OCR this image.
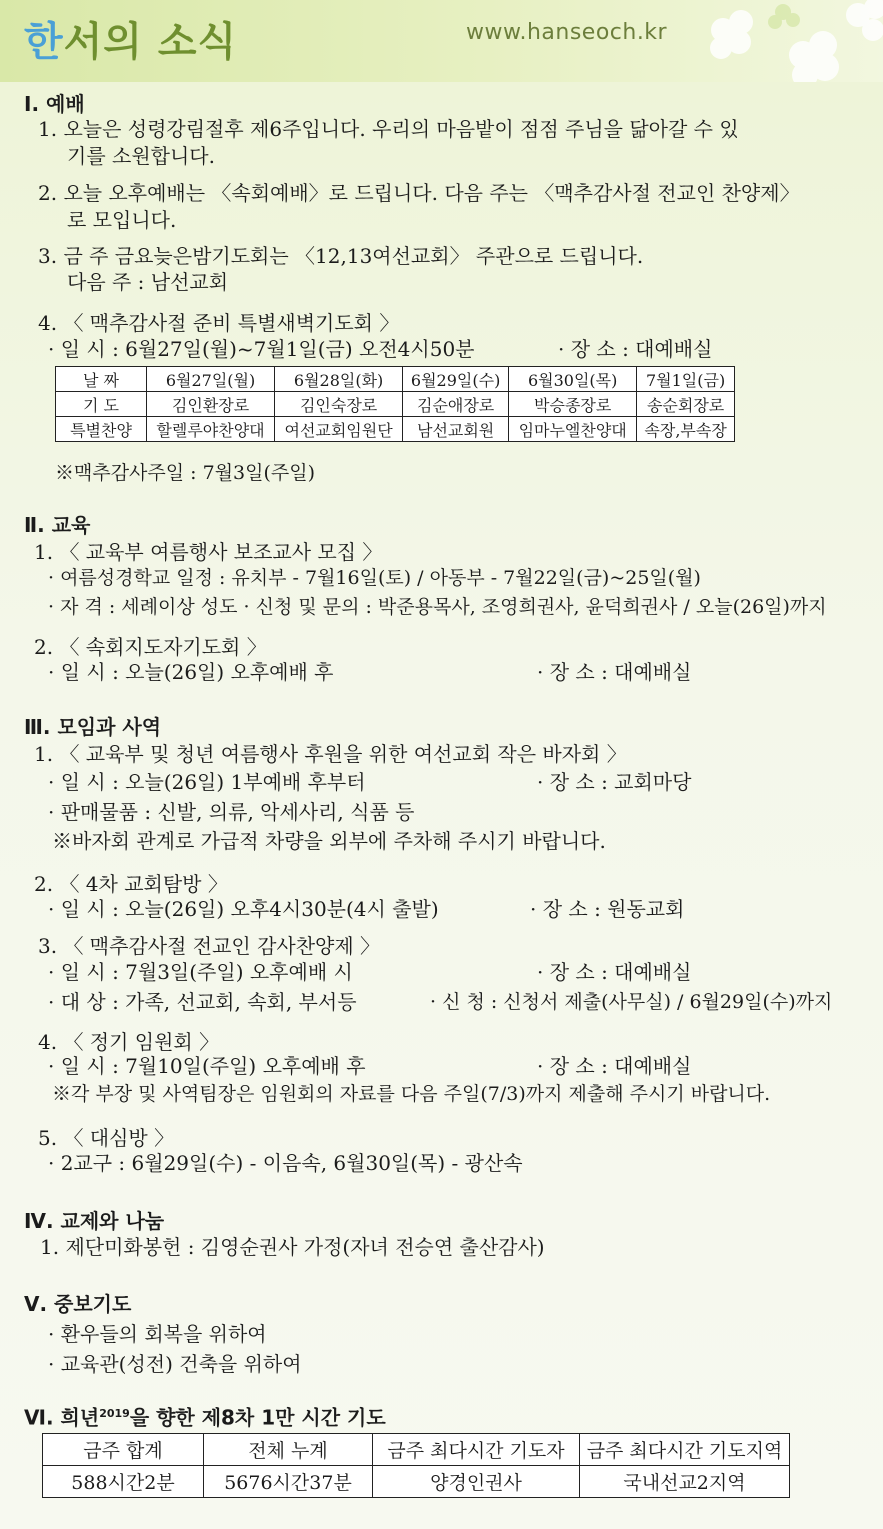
한서의 소식	www.hanseoch.kr
Ⅰ. 예배
1. 오늘은 성령강림절후 제6주입니다. 우리의 마음밭이 점점 주님을 닮아갈 수 있
기를 소원합니다.
2. 오늘 오후예배는 〈속회예배〉로 드립니다. 다음 주는 〈맥추감사절 전교인 찬양제〉
로 모입니다.
3. 금 주 금요늦은밤기도회는 〈12,13여선교회〉 주관으로 드립니다.
다음 주 : 남선교회
4. 〈 맥추감사절 준비 특별새벽기도회 〉
· 일 시 : 6월27일(월)~7월1일(금) 오전4시50분	· 장 소 : 대예배실
날 짜	6월27일(월)	6월28일(화)	6월29일(수)	6월30일(목)	7월1일(금)
기 도	김인환장로	김인숙장로	김순애장로	박승종장로	송순회장로
특별찬양	할렐루야찬양대	여선교회임원단	남선교회원	임마누엘찬양대	속장,부속장
※맥추감사주일 : 7월3일(주일)
Ⅱ. 교육
1. 〈 교육부 여름행사 보조교사 모집 〉
· 여름성경학교 일정 : 유치부 - 7월16일(토) / 아동부 - 7월22일(금)~25일(월)
· 자 격 : 세례이상 성도 · 신청 및 문의 : 박준용목사, 조영희권사, 윤덕희권사 / 오늘(26일)까지
2. 〈 속회지도자기도회 〉
· 일 시 : 오늘(26일) 오후예배 후	· 장 소 : 대예배실
Ⅲ. 모임과 사역
1. 〈 교육부 및 청년 여름행사 후원을 위한 여선교회 작은 바자회 〉
· 일 시 : 오늘(26일) 1부예배 후부터	· 장 소 : 교회마당
· 판매물품 : 신발, 의류, 악세사리, 식품 등
※바자회 관계로 가급적 차량을 외부에 주차해 주시기 바랍니다.
2. 〈 4차 교회탐방 〉
· 일 시 : 오늘(26일) 오후4시30분(4시 출발)	· 장 소 : 원동교회
3. 〈 맥추감사절 전교인 감사찬양제 〉
· 일 시 : 7월3일(주일) 오후예배 시	· 장 소 : 대예배실
· 대 상 : 가족, 선교회, 속회, 부서등	· 신 청 : 신청서 제출(사무실) / 6월29일(수)까지
4. 〈 정기 임원회 〉
· 일 시 : 7월10일(주일) 오후예배 후	· 장 소 : 대예배실
※각 부장 및 사역팀장은 임원회의 자료를 다음 주일(7/3)까지 제출해 주시기 바랍니다.
5. 〈 대심방 〉
· 2교구 : 6월29일(수) - 이음속, 6월30일(목) - 광산속
Ⅳ. 교제와 나눔
1. 제단미화봉헌 : 김영순권사 가정(자녀 전승연 출산감사)
Ⅴ. 중보기도
· 환우들의 회복을 위하여
· 교육관(성전) 건축을 위하여
Ⅵ. 희년$^{2019}$을 향한 제8차 1만 시간 기도
금주 합계	전체 누계	금주 최다시간 기도자	금주 최다시간 기도지역
588시간2분	5676시간37분	양경인권사	국내선교2지역
